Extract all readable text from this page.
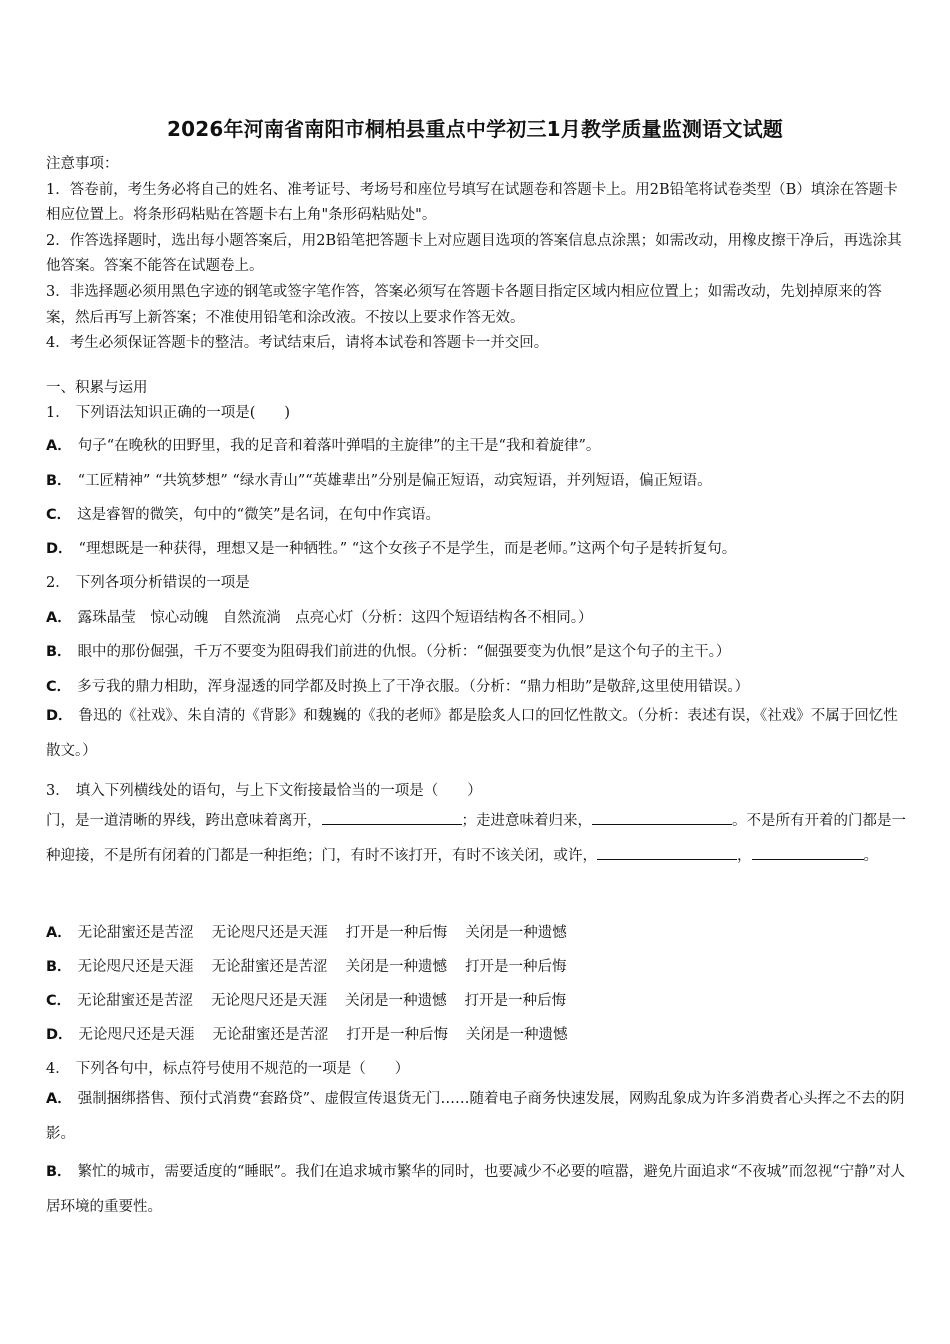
2026年河南省南阳市桐柏县重点中学初三1月教学质量监测语文试题

注意事项：

1．答卷前，考生务必将自己的姓名、准考证号、考场号和座位号填写在试题卷和答题卡上。用2B铅笔将试卷类型（B）填涂在答题卡相应位置上。将条形码粘贴在答题卡右上角"条形码粘贴处"。

2．作答选择题时，选出每小题答案后，用2B铅笔把答题卡上对应题目选项的答案信息点涂黑；如需改动，用橡皮擦干净后，再选涂其他答案。答案不能答在试题卷上。

3．非选择题必须用黑色字迹的钢笔或签字笔作答，答案必须写在答题卡各题目指定区域内相应位置上；如需改动，先划掉原来的答案，然后再写上新答案；不准使用铅笔和涂改液。不按以上要求作答无效。

4．考生必须保证答题卡的整洁。考试结束后，请将本试卷和答题卡一并交回。

一、积累与运用
1． 下列语法知识正确的一项是(　　)
A． 句子“在晚秋的田野里，我的足音和着落叶弹唱的主旋律”的主干是“我和着旋律”。
B． “工匠精神” “共筑梦想” “绿水青山”“英雄辈出”分别是偏正短语，动宾短语，并列短语，偏正短语。
C． 这是睿智的微笑，句中的“微笑”是名词，在句中作宾语。
D． “理想既是一种获得，理想又是一种牺牲。” “这个女孩子不是学生，而是老师。”这两个句子是转折复句。
2． 下列各项分析错误的一项是
A． 露珠晶莹　惊心动魄　自然流淌　点亮心灯（分析：这四个短语结构各不相同。）
B． 眼中的那份倔强，千万不要变为阻碍我们前进的仇恨。（分析：“倔强要变为仇恨”是这个句子的主干。）
C． 多亏我的鼎力相助，浑身湿透的同学都及时换上了干净衣服。（分析：“鼎力相助”是敬辞,这里使用错误。）

D． 鲁迅的《社戏》、朱自清的《背影》和魏巍的《我的老师》都是脍炙人口的回忆性散文。（分析：表述有误，《社戏》不属于回忆性散文。）

3． 填入下列横线处的语句，与上下文衔接最恰当的一项是（　　）

门，是一道清晰的界线，跨出意味着离开，	；走进意味着归来，	。不是所有开着的门都是一种迎接，不是所有闭着的门都是一种拒绝；门，有时不该打开，有时不该关闭，或许，	，	。

A． 无论甜蜜还是苦涩 无论咫尺还是天涯 打开是一种后悔 关闭是一种遗憾
B． 无论咫尺还是天涯 无论甜蜜还是苦涩 关闭是一种遗憾 打开是一种后悔
C． 无论甜蜜还是苦涩 无论咫尺还是天涯 关闭是一种遗憾 打开是一种后悔
D． 无论咫尺还是天涯 无论甜蜜还是苦涩 打开是一种后悔 关闭是一种遗憾
4． 下列各句中，标点符号使用不规范的一项是（　　）

A． 强制捆绑搭售、预付式消费“套路贷”、虚假宣传退货无门……随着电子商务快速发展，网购乱象成为许多消费者心头挥之不去的阴影。

B． 繁忙的城市，需要适度的“睡眠”。我们在追求城市繁华的同时，也要减少不必要的喧嚣，避免片面追求“不夜城”而忽视“宁静”对人居环境的重要性。
